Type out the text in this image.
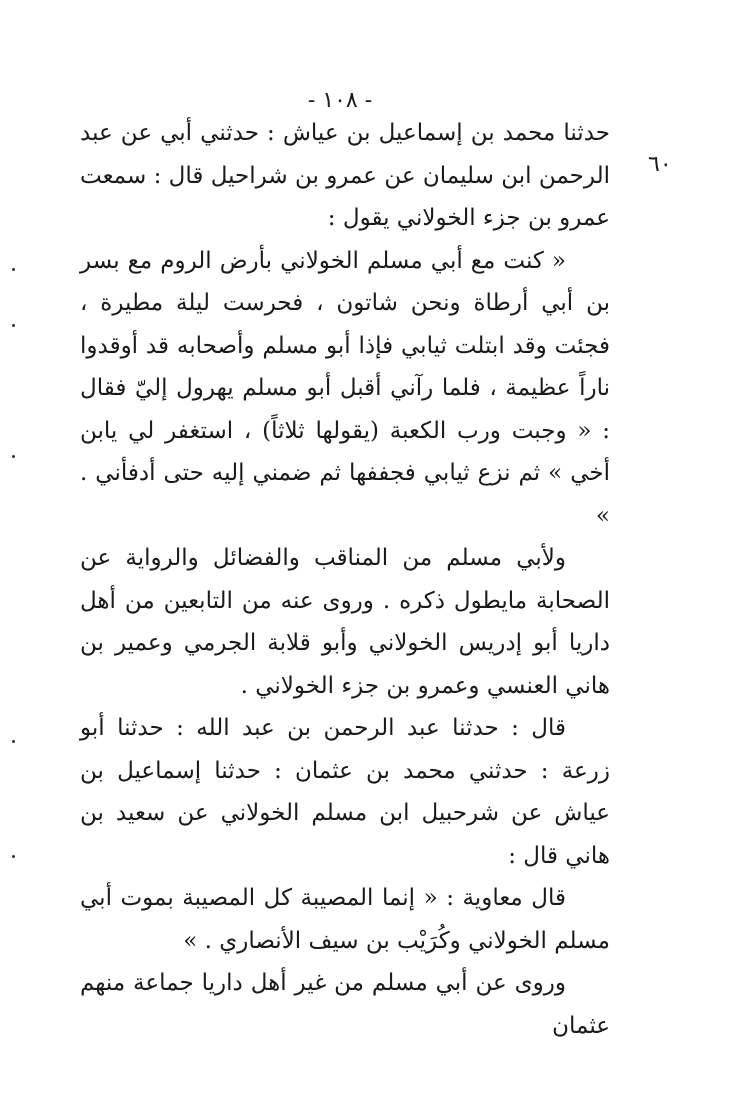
- ١٠٨ -
٦٠

حدثنا محمد بن إسماعيل بن عياش : حدثني أبي عن عبد الرحمن ابن سليمان عن عمرو بن شراحيل قال : سمعت عمرو بن جزء الخولاني يقول :

« كنت مع أبي مسلم الخولاني بأرض الروم مع بسر بن أبي أرطاة ونحن شاتون ، فحرست ليلة مطيرة ، فجئت وقد ابتلت ثيابي فإذا أبو مسلم وأصحابه قد أوقدوا ناراً عظيمة ، فلما رآني أقبل أبو مسلم يهرول إليّ فقال : « وجبت ورب الكعبة (يقولها ثلاثاً) ، استغفر لي يابن أخي » ثم نزع ثيابي فجففها ثم ضمني إليه حتى أدفأني . »

ولأبي مسلم من المناقب والفضائل والرواية عن الصحابة مايطول ذكره . وروى عنه من التابعين من أهل داريا أبو إدريس الخولاني وأبو قلابة الجرمي وعمير بن هاني العنسي وعمرو بن جزء الخولاني .

قال : حدثنا عبد الرحمن بن عبد الله : حدثنا أبو زرعة : حدثني محمد بن عثمان : حدثنا إسماعيل بن عياش عن شرحبيل ابن مسلم الخولاني عن سعيد بن هاني قال :

قال معاوية : « إنما المصيبة كل المصيبة بموت أبي مسلم الخولاني وكُرَيْب بن سيف الأنصاري . »

وروى عن أبي مسلم من غير أهل داريا جماعة منهم عثمان
